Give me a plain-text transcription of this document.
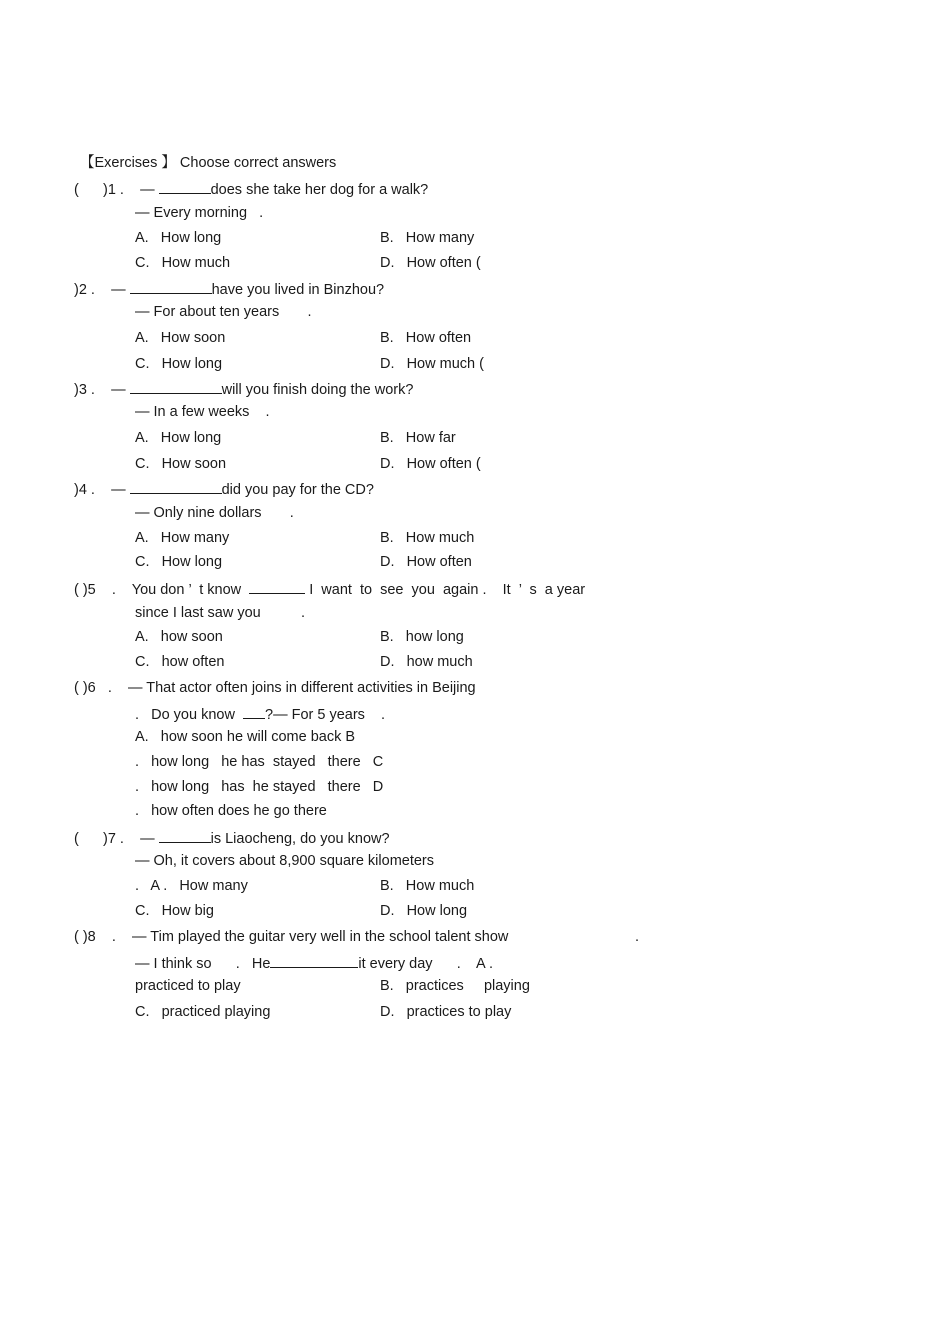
【Exercises 】 Choose correct answers
(      )1 .    —	does she take her dog for a walk?
— Every morning   .
A.   How long	B.   How many
C.   How much	D.   How often (
)2 .    —	have you lived in Binzhou?
— For about ten years       .
A.   How soon	B.   How often
C.   How long	D.   How much (
)3 .    —	will you finish doing the work?
— In a few weeks    .
A.   How long	B.   How far
C.   How soon	D.   How often (
)4 .    —	did you pay for the CD?
— Only nine dollars       .
A.   How many	B.   How much
C.   How long	D.   How often
( )5    .    You don ’  t know	I  want  to  see  you  again .    It  ’  s  a year
since I last saw you          .
A.   how soon	B.   how long
C.   how often	D.   how much
( )6   .    — That actor often joins in different activities in Beijing
.   Do you know  ?— For 5 years    .
A.   how soon he will come back B
.   how long   he has  stayed   there   C
.   how long   has  he stayed   there   D
.   how often does he go there
(      )7 .    —	is Liaocheng, do you know?
— Oh, it covers about 8,900 square kilometers
.   A .   How many	B.   How much
C.   How big	D.   How long
( )8    .    — Tim played the guitar very well in the school talent show	.
— I think so      .   He	it every day      .    A .
practiced to play	B.   practices     playing
C.   practiced playing	D.   practices to play
